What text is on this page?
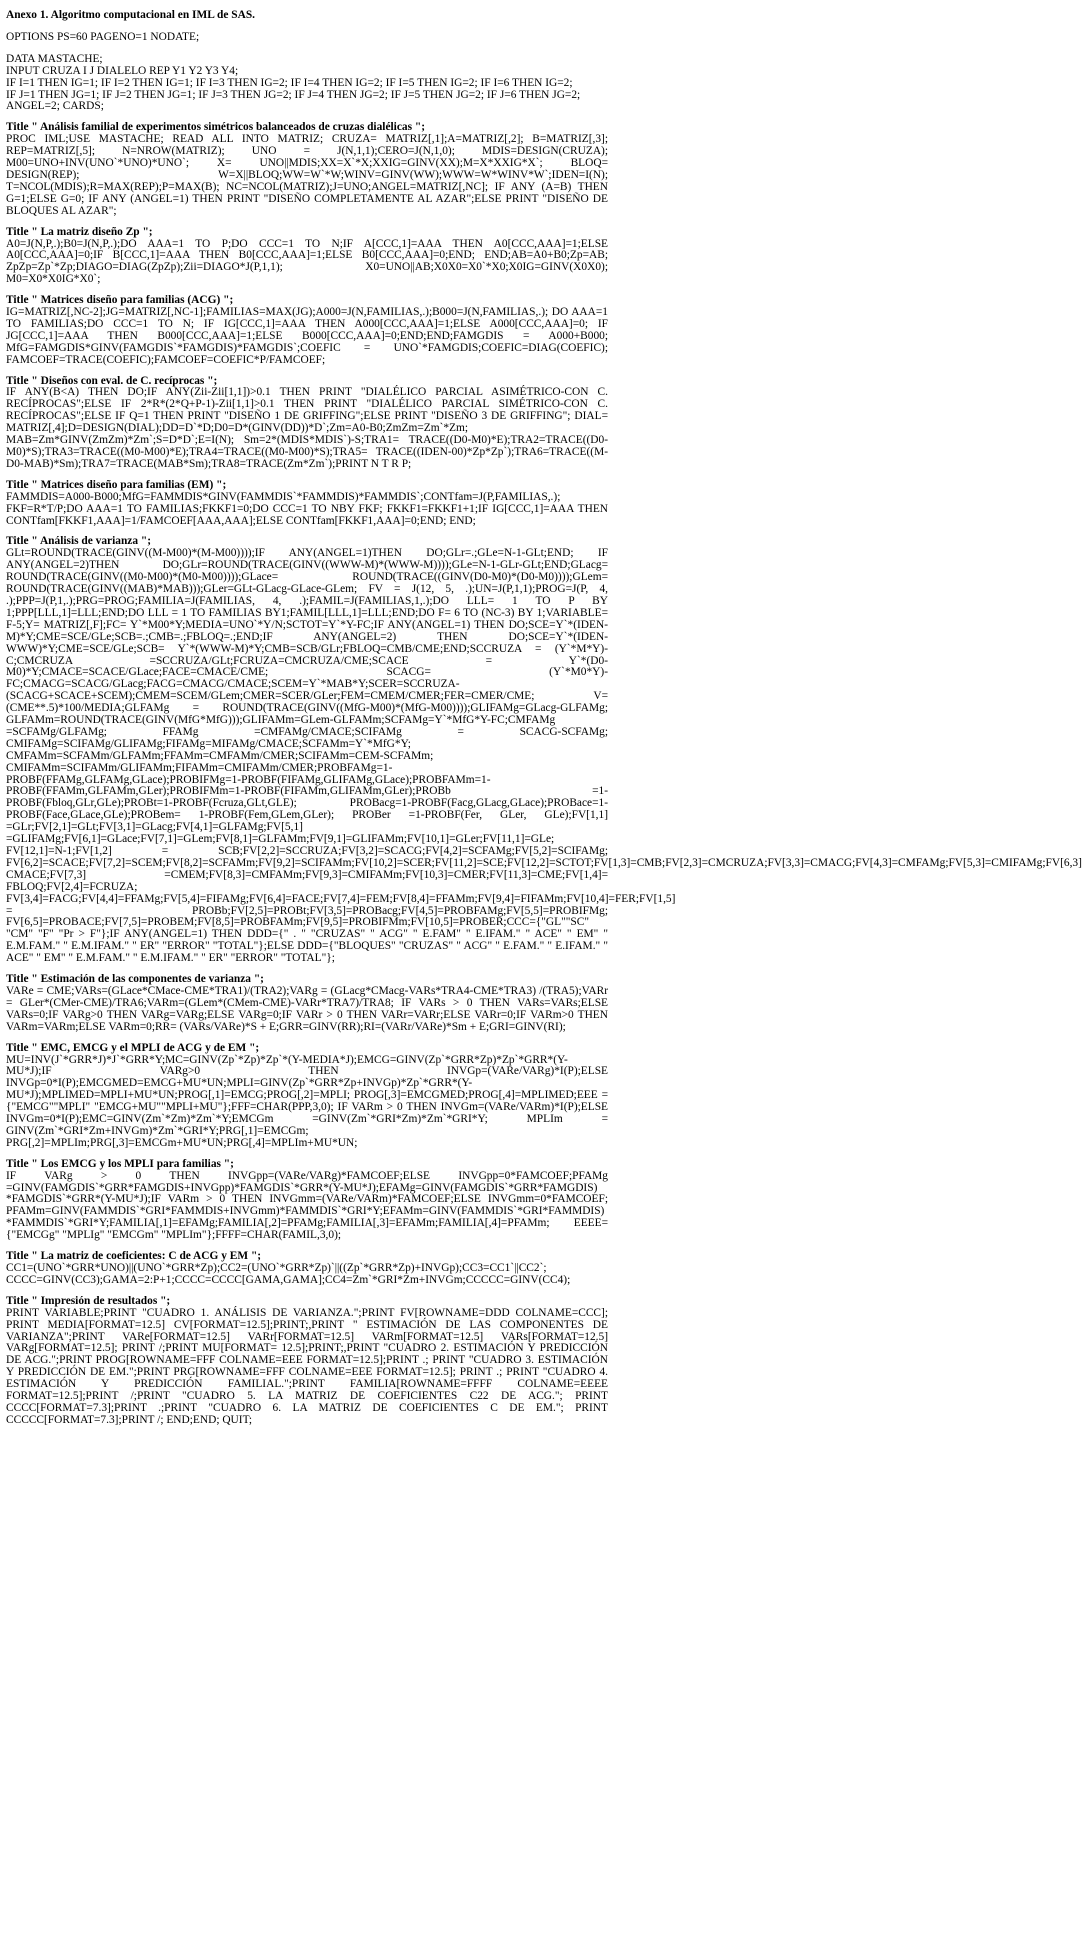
Anexo 1. Algoritmo computacional en IML de SAS.

OPTIONS PS=60 PAGENO=1 NODATE;

DATA MASTACHE;

INPUT CRUZA I J DIALELO REP Y1 Y2 Y3 Y4;

IF I=1 THEN IG=1; IF I=2 THEN IG=1; IF I=3 THEN IG=2; IF I=4 THEN IG=2; IF I=5 THEN IG=2; IF I=6 THEN IG=2;

IF J=1 THEN JG=1; IF J=2 THEN JG=1; IF J=3 THEN JG=2; IF J=4 THEN JG=2; IF J=5 THEN JG=2; IF J=6 THEN JG=2;

ANGEL=2; CARDS;

Title " Análisis familial de experimentos simétricos balanceados de cruzas dialélicas ";

PROC IML;USE MASTACHE; READ ALL INTO MATRIZ; CRUZA= MATRIZ[,1];A=MATRIZ[,2]; B=MATRIZ[,3]; REP=MATRIZ[,5]; N=NROW(MATRIZ); UNO = J(N,1,1);CERO=J(N,1,0); MDIS=DESIGN(CRUZA); M00=UNO+INV(UNO`*UNO)*UNO`; X= UNO||MDIS;XX=X`*X;XXIG=GINV(XX);M=X*XXIG*X`; BLOQ= DESIGN(REP); W=X||BLOQ;WW=W`*W;WINV=GINV(WW);WWW=W*WINV*W`;IDEN=I(N); T=NCOL(MDIS);R=MAX(REP);P=MAX(B); NC=NCOL(MATRIZ);J=UNO;ANGEL=MATRIZ[,NC]; IF ANY (A=B) THEN G=1;ELSE G=0; IF ANY (ANGEL=1) THEN PRINT "DISEÑO COMPLETAMENTE AL AZAR";ELSE PRINT "DISEÑO DE BLOQUES AL AZAR";

Title " La matriz diseño Zp ";

A0=J(N,P,.);B0=J(N,P,.);DO AAA=1 TO P;DO CCC=1 TO N;IF A[CCC,1]=AAA THEN A0[CCC,AAA]=1;ELSE A0[CCC,AAA]=0;IF B[CCC,1]=AAA THEN B0[CCC,AAA]=1;ELSE B0[CCC,AAA]=0;END; END;AB=A0+B0;Zp=AB; ZpZp=Zp`*Zp;DIAGO=DIAG(ZpZp);Zii=DIAGO*J(P,1,1); X0=UNO||AB;X0X0=X0`*X0;X0IG=GINV(X0X0); M0=X0*X0IG*X0`;

Title " Matrices diseño para familias (ACG) ";

IG=MATRIZ[,NC-2];JG=MATRIZ[,NC-1];FAMILIAS=MAX(JG);A000=J(N,FAMILIAS,.);B000=J(N,FAMILIAS,.); DO AAA=1 TO FAMILIAS;DO CCC=1 TO N; IF IG[CCC,1]=AAA THEN A000[CCC,AAA]=1;ELSE A000[CCC,AAA]=0; IF JG[CCC,1]=AAA THEN B000[CCC,AAA]=1;ELSE B000[CCC,AAA]=0;END;END;FAMGDIS = A000+B000; MfG=FAMGDIS*GINV(FAMGDIS`*FAMGDIS)*FAMGDIS`;COEFIC = UNO`*FAMGDIS;COEFIC=DIAG(COEFIC); FAMCOEF=TRACE(COEFIC);FAMCOEF=COEFIC*P/FAMCOEF;

Title " Diseños con eval. de C. recíprocas ";

IF ANY(B<A) THEN DO;IF ANY(Zii-Zii[1,1])>0.1 THEN PRINT "DIALÉLICO PARCIAL ASIMÉTRICO-CON C. RECÍPROCAS";ELSE IF 2*R*(2*Q+P-1)-Zii[1,1]>0.1 THEN PRINT "DIALÉLICO PARCIAL SIMÉTRICO-CON C. RECÍPROCAS";ELSE IF Q=1 THEN PRINT "DISEÑO 1 DE GRIFFING";ELSE PRINT "DISEÑO 3 DE GRIFFING"; DIAL= MATRIZ[,4];D=DESIGN(DIAL);DD=D`*D;D0=D*(GINV(DD))*D`;Zm=A0-B0;ZmZm=Zm`*Zm; MAB=Zm*GINV(ZmZm)*Zm`;S=D*D`;E=I(N); Sm=2*(MDIS*MDIS`)-S;TRA1= TRACE((D0-M0)*E);TRA2=TRACE((D0-M0)*S);TRA3=TRACE((M0-M00)*E);TRA4=TRACE((M0-M00)*S);TRA5= TRACE((IDEN-00)*Zp*Zp`);TRA6=TRACE((M-D0-MAB)*Sm);TRA7=TRACE(MAB*Sm);TRA8=TRACE(Zm*Zm`);PRINT N T R P;

Title " Matrices diseño para familias (EM) ";

FAMMDIS=A000-B000;MfG=FAMMDIS*GINV(FAMMDIS`*FAMMDIS)*FAMMDIS`;CONTfam=J(P,FAMILIAS,.); FKF=R*T/P;DO AAA=1 TO FAMILIAS;FKKF1=0;DO CCC=1 TO NBY FKF; FKKF1=FKKF1+1;IF IG[CCC,1]=AAA THEN CONTfam[FKKF1,AAA]=1/FAMCOEF[AAA,AAA];ELSE CONTfam[FKKF1,AAA]=0;END; END;

Title " Análisis de varianza ";

GLt=ROUND(TRACE(GINV((M-M00)*(M-M00))));IF ANY(ANGEL=1)THEN DO;GLr=.;GLe=N-1-GLt;END; IF ANY(ANGEL=2)THEN DO;GLr=ROUND(TRACE(GINV((WWW-M)*(WWW-M))));GLe=N-1-GLr-GLt;END;GLacg= ROUND(TRACE(GINV((M0-M00)*(M0-M00))));GLace= ROUND(TRACE((GINV(D0-M0)*(D0-M0))));GLem= ROUND(TRACE(GINV((MAB)*MAB)));GLer=GLt-GLacg-GLace-GLem; FV = J(12, 5, .);UN=J(P,1,1);PROG=J(P, 4, .);PPP=J(P,1,.);PRG=PROG;FAMILIA=J(FAMILIAS, 4, .);FAMIL=J(FAMILIAS,1,.);DO LLL= 1 TO P BY 1;PPP[LLL,1]=LLL;END;DO LLL = 1 TO FAMILIAS BY1;FAMIL[LLL,1]=LLL;END;DO F= 6 TO (NC-3) BY 1;VARIABLE= F-5;Y= MATRIZ[,F];FC= Y`*M00*Y;MEDIA=UNO`*Y/N;SCTOT=Y`*Y-FC;IF ANY(ANGEL=1) THEN DO;SCE=Y`*(IDEN-M)*Y;CME=SCE/GLe;SCB=.;CMB=.;FBLOQ=.;END;IF ANY(ANGEL=2) THEN DO;SCE=Y`*(IDEN-WWW)*Y;CME=SCE/GLe;SCB= Y`*(WWW-M)*Y;CMB=SCB/GLr;FBLOQ=CMB/CME;END;SCCRUZA = (Y`*M*Y)-C;CMCRUZA =SCCRUZA/GLt;FCRUZA=CMCRUZA/CME;SCACE = Y`*(D0-M0)*Y;CMACE=SCACE/GLace;FACE=CMACE/CME; SCACG= (Y`*M0*Y)-FC;CMACG=SCACG/GLacg;FACG=CMACG/CMACE;SCEM=Y`*MAB*Y;SCER=SCCRUZA-(SCACG+SCACE+SCEM);CMEM=SCEM/GLem;CMER=SCER/GLer;FEM=CMEM/CMER;FER=CMER/CME; V=(CME**.5)*100/MEDIA;GLFAMg = ROUND(TRACE(GINV((MfG-M00)*(MfG-M00))));GLIFAMg=GLacg-GLFAMg; GLFAMm=ROUND(TRACE(GINV(MfG*MfG)));GLIFAMm=GLem-GLFAMm;SCFAMg=Y`*MfG*Y-FC;CMFAMg =SCFAMg/GLFAMg; FFAMg =CMFAMg/CMACE;SCIFAMg = SCACG-SCFAMg; CMIFAMg=SCIFAMg/GLIFAMg;FIFAMg=MIFAMg/CMACE;SCFAMm=Y`*MfG*Y; CMFAMm=SCFAMm/GLFAMm;FFAMm=CMFAMm/CMER;SCIFAMm=CEM-SCFAMm; CMIFAMm=SCIFAMm/GLIFAMm;FIFAMm=CMIFAMm/CMER;PROBFAMg=1-PROBF(FFAMg,GLFAMg,GLace);PROBIFMg=1-PROBF(FIFAMg,GLIFAMg,GLace);PROBFAMm=1-PROBF(FFAMm,GLFAMm,GLer);PROBIFMm=1-PROBF(FIFAMm,GLIFAMm,GLer);PROBb =1-PROBF(Fbloq,GLr,GLe);PROBt=1-PROBF(Fcruza,GLt,GLE); PROBacg=1-PROBF(Facg,GLacg,GLace);PROBace=1-PROBF(Face,GLace,GLe);PROBem= 1-PROBF(Fem,GLem,GLer); PROBer =1-PROBF(Fer, GLer, GLe);FV[1,1] =GLr;FV[2,1]=GLt;FV[3,1]=GLacg;FV[4,1]=GLFAMg;FV[5,1] =GLIFAMg;FV[6,1]=GLace;FV[7,1]=GLem;FV[8,1]=GLFAMm;FV[9,1]=GLIFAMm;FV[10,1]=GLer;FV[11,1]=GLe; FV[12,1]=N-1;FV[1,2] = SCB;FV[2,2]=SCCRUZA;FV[3,2]=SCACG;FV[4,2]=SCFAMg;FV[5,2]=SCIFAMg; FV[6,2]=SCACE;FV[7,2]=SCEM;FV[8,2]=SCFAMm;FV[9,2]=SCIFAMm;FV[10,2]=SCER;FV[11,2]=SCE;FV[12,2]=SCTOT;FV[1,3]=CMB;FV[2,3]=CMCRUZA;FV[3,3]=CMACG;FV[4,3]=CMFAMg;FV[5,3]=CMIFAMg;FV[6,3] CMACE;FV[7,3] =CMEM;FV[8,3]=CMFAMm;FV[9,3]=CMIFAMm;FV[10,3]=CMER;FV[11,3]=CME;FV[1,4]= FBLOQ;FV[2,4]=FCRUZA; FV[3,4]=FACG;FV[4,4]=FFAMg;FV[5,4]=FIFAMg;FV[6,4]=FACE;FV[7,4]=FEM;FV[8,4]=FFAMm;FV[9,4]=FIFAMm;FV[10,4]=FER;FV[1,5] = PROBb;FV[2,5]=PROBt;FV[3,5]=PROBacg;FV[4,5]=PROBFAMg;FV[5,5]=PROBIFMg; FV[6,5]=PROBACE;FV[7,5]=PROBEM;FV[8,5]=PROBFAMm;FV[9,5]=PROBIFMm;FV[10,5]=PROBER;CCC={"GL""SC" "CM" "F" "Pr > F"};IF ANY(ANGEL=1) THEN DDD={" . " "CRUZAS" " ACG" " E.FAM" " E.IFAM." " ACE" " EM" " E.M.FAM." " E.M.IFAM." " ER" "ERROR" "TOTAL"};ELSE DDD={"BLOQUES" "CRUZAS" " ACG" " E.FAM." " E.IFAM." " ACE" " EM" " E.M.FAM." " E.M.IFAM." " ER" "ERROR" "TOTAL"};

Title " Estimación de las componentes de varianza ";

VARe = CME;VARs=(GLace*CMace-CME*TRA1)/(TRA2);VARg = (GLacg*CMacg-VARs*TRA4-CME*TRA3) /(TRA5);VARr = GLer*(CMer-CME)/TRA6;VARm=(GLem*(CMem-CME)-VARr*TRA7)/TRA8; IF VARs > 0 THEN VARs=VARs;ELSE VARs=0;IF VARg>0 THEN VARg=VARg;ELSE VARg=0;IF VARr > 0 THEN VARr=VARr;ELSE VARr=0;IF VARm>0 THEN VARm=VARm;ELSE VARm=0;RR= (VARs/VARe)*S + E;GRR=GINV(RR);RI=(VARr/VARe)*Sm + E;GRI=GINV(RI);

Title " EMC, EMCG y el MPLI de ACG y de EM ";

MU=INV(J`*GRR*J)*J`*GRR*Y;MC=GINV(Zp`*Zp)*Zp`*(Y-MEDIA*J);EMCG=GINV(Zp`*GRR*Zp)*Zp`*GRR*(Y-MU*J);IF VARg>0 THEN INVGp=(VARe/VARg)*I(P);ELSE INVGp=0*I(P);EMCGMED=EMCG+MU*UN;MPLI=GINV(Zp`*GRR*Zp+INVGp)*Zp`*GRR*(Y-MU*J);MPLIMED=MPLI+MU*UN;PROG[,1]=EMCG;PROG[,2]=MPLI; PROG[,3]=EMCGMED;PROG[,4]=MPLIMED;EEE = {"EMCG""MPLI" "EMCG+MU""MPLI+MU"};FFF=CHAR(PPP,3,0); IF VARm > 0 THEN INVGm=(VARe/VARm)*I(P);ELSE INVGm=0*I(P);EMC=GINV(Zm`*Zm)*Zm`*Y;EMCGm =GINV(Zm`*GRI*Zm)*Zm`*GRI*Y; MPLIm = GINV(Zm`*GRI*Zm+INVGm)*Zm`*GRI*Y;PRG[,1]=EMCGm; PRG[,2]=MPLIm;PRG[,3]=EMCGm+MU*UN;PRG[,4]=MPLIm+MU*UN;

Title " Los EMCG y los MPLI para familias ";

IF VARg > 0 THEN INVGpp=(VARe/VARg)*FAMCOEF;ELSE INVGpp=0*FAMCOEF;PFAMg =GINV(FAMGDIS`*GRR*FAMGDIS+INVGpp)*FAMGDIS`*GRR*(Y-MU*J);EFAMg=GINV(FAMGDIS`*GRR*FAMGDIS) *FAMGDIS`*GRR*(Y-MU*J);IF VARm > 0 THEN INVGmm=(VARe/VARm)*FAMCOEF;ELSE INVGmm=0*FAMCOEF; PFAMm=GINV(FAMMDIS`*GRI*FAMMDIS+INVGmm)*FAMMDIS`*GRI*Y;EFAMm=GINV(FAMMDIS`*GRI*FAMMDIS) *FAMMDIS`*GRI*Y;FAMILIA[,1]=EFAMg;FAMILIA[,2]=PFAMg;FAMILIA[,3]=EFAMm;FAMILIA[,4]=PFAMm; EEEE={"EMCGg" "MPLIg" "EMCGm" "MPLIm"};FFFF=CHAR(FAMIL,3,0);

Title " La matriz de coeficientes: C de ACG y EM ";

CC1=(UNO`*GRR*UNO)||(UNO`*GRR*Zp);CC2=(UNO`*GRR*Zp)`||((Zp`*GRR*Zp)+INVGp);CC3=CC1`||CC2`; CCCC=GINV(CC3);GAMA=2:P+1;CCCC=CCCC[GAMA,GAMA];CC4=Zm`*GRI*Zm+INVGm;CCCCC=GINV(CC4);

Title " Impresión de resultados ";

PRINT VARIABLE;PRINT "CUADRO 1. ANÁLISIS DE VARIANZA.";PRINT FV[ROWNAME=DDD COLNAME=CCC]; PRINT MEDIA[FORMAT=12.5] CV[FORMAT=12.5];PRINT;,PRINT " ESTIMACIÓN DE LAS COMPONENTES DE VARIANZA";PRINT VARe[FORMAT=12.5] VARr[FORMAT=12.5] VARm[FORMAT=12.5] VARs[FORMAT=12.5] VARg[FORMAT=12.5]; PRINT /;PRINT MU[FORMAT= 12.5];PRINT;,PRINT "CUADRO 2. ESTIMACIÓN Y PREDICCIÓN DE ACG.";PRINT PROG[ROWNAME=FFF COLNAME=EEE FORMAT=12.5];PRINT .; PRINT "CUADRO 3. ESTIMACIÓN Y PREDICCIÓN DE EM.";PRINT PRG[ROWNAME=FFF COLNAME=EEE FORMAT=12.5]; PRINT .; PRINT "CUADRO 4. ESTIMACIÓN Y PREDICCIÓN FAMILIAL.";PRINT FAMILIA[ROWNAME=FFFF COLNAME=EEEE FORMAT=12.5];PRINT /;PRINT "CUADRO 5. LA MATRIZ DE COEFICIENTES C22 DE ACG."; PRINT CCCC[FORMAT=7.3];PRINT .;PRINT "CUADRO 6. LA MATRIZ DE COEFICIENTES C DE EM."; PRINT CCCCC[FORMAT=7.3];PRINT /; END;END; QUIT;
